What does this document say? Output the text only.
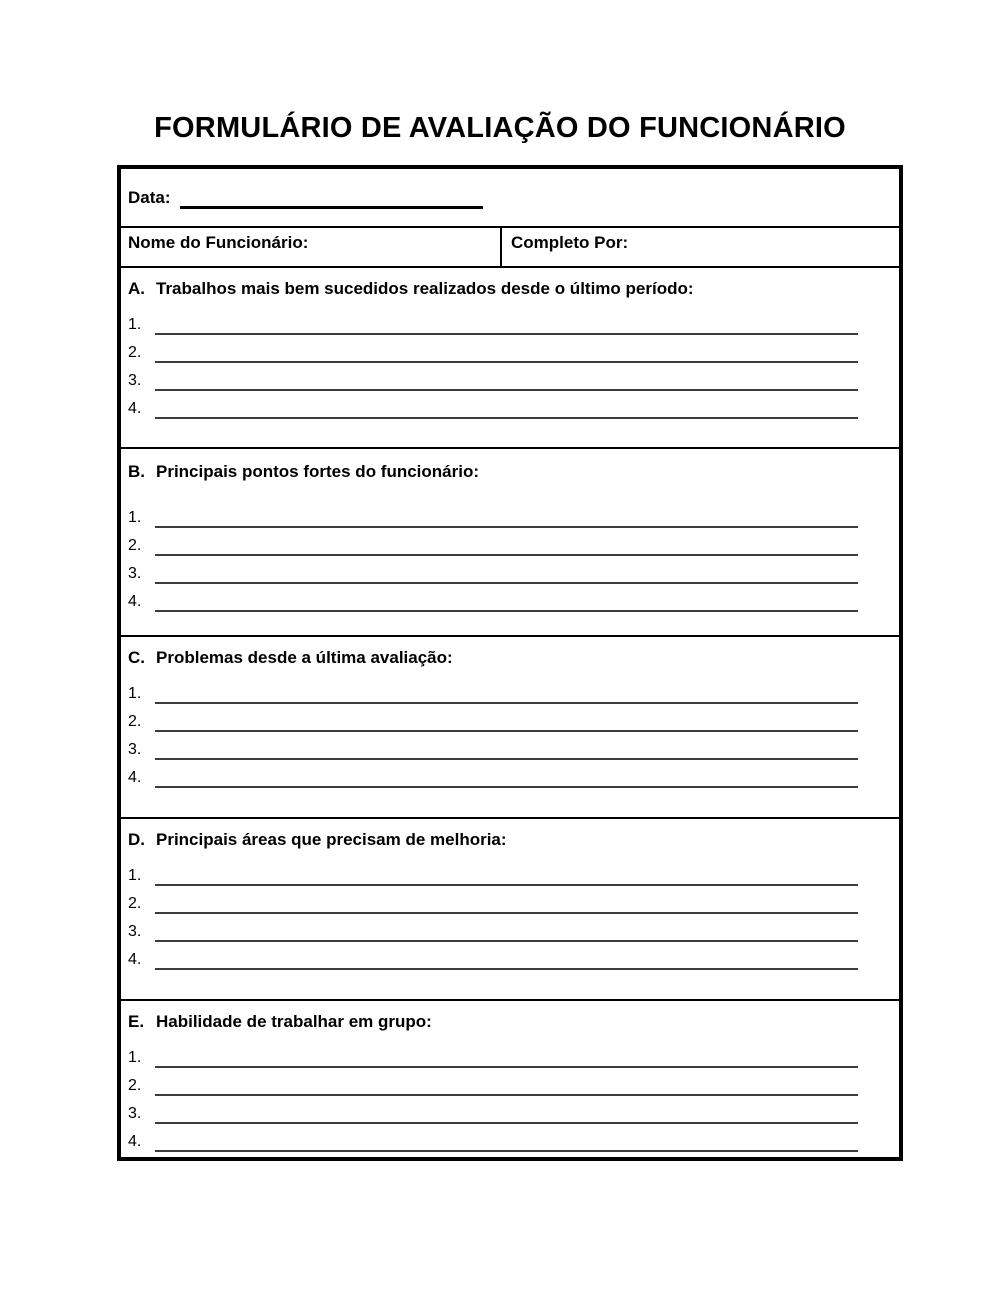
FORMULÁRIO DE AVALIAÇÃO DO FUNCIONÁRIO
Data:
Nome do Funcionário:	Completo Por:
A. Trabalhos mais bem sucedidos realizados desde o último período:
1.
2.
3.
4.
B. Principais pontos fortes do funcionário:
1.
2.
3.
4.
C. Problemas desde a última avaliação:
1.
2.
3.
4.
D. Principais áreas que precisam de melhoria:
1.
2.
3.
4.
E. Habilidade de trabalhar em grupo:
1.
2.
3.
4.
